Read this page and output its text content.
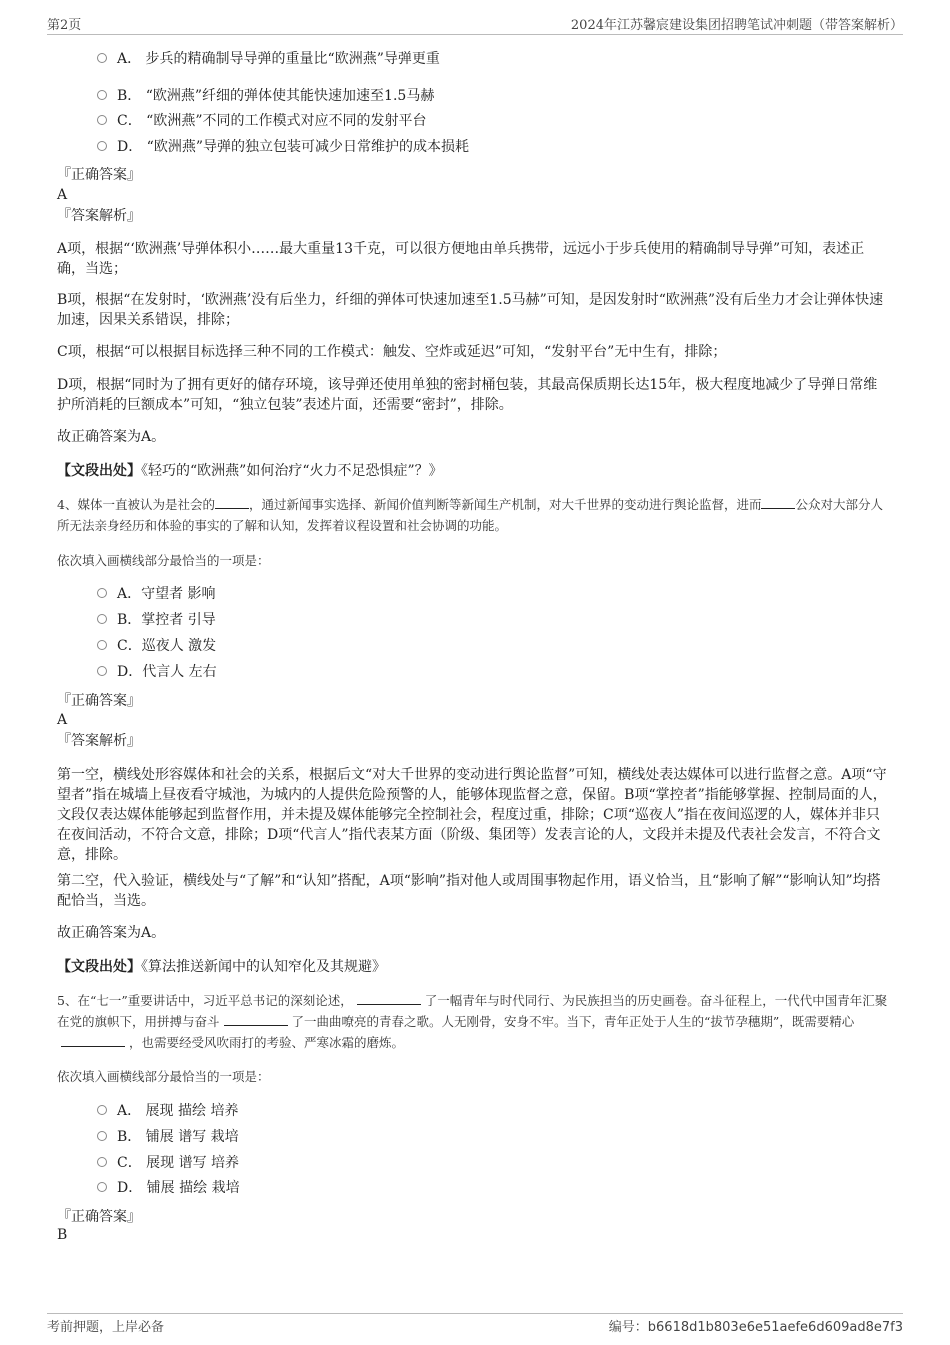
第2页	2024年江苏馨宸建设集团招聘笔试冲刺题（带答案解析）
A． 步兵的精确制导导弹的重量比“欧洲燕”导弹更重
B． “欧洲燕”纤细的弹体使其能快速加速至1.5马赫
C． “欧洲燕”不同的工作模式对应不同的发射平台
D． “欧洲燕”导弹的独立包装可减少日常维护的成本损耗
『正确答案』
A
『答案解析』
A项，根据“‘欧洲燕’导弹体积小……最大重量13千克，可以很方便地由单兵携带，远远小于步兵使用的精确制导导弹”可知，表述正确，当选；
B项，根据“在发射时，‘欧洲燕’没有后坐力，纤细的弹体可快速加速至1.5马赫”可知，是因发射时“欧洲燕”没有后坐力才会让弹体快速加速，因果关系错误，排除；
C项，根据“可以根据目标选择三种不同的工作模式：触发、空炸或延迟”可知，“发射平台”无中生有，排除；
D项，根据“同时为了拥有更好的储存环境，该导弹还使用单独的密封桶包装，其最高保质期长达15年，极大程度地减少了导弹日常维护所消耗的巨额成本”可知，“独立包装”表述片面，还需要“密封”，排除。
故正确答案为A。
【文段出处】《轻巧的“欧洲燕”如何治疗“火力不足恐惧症”？》
4、媒体一直被认为是社会的	，通过新闻事实选择、新闻价值判断等新闻生产机制，对大千世界的变动进行舆论监督，进而	公众对大部分人所无法亲身经历和体验的事实的了解和认知，发挥着议程设置和社会协调的功能。
依次填入画横线部分最恰当的一项是：
A．守望者 影响
B．掌控者 引导
C．巡夜人 激发
D．代言人 左右
『正确答案』
A
『答案解析』
第一空，横线处形容媒体和社会的关系，根据后文“对大千世界的变动进行舆论监督”可知，横线处表达媒体可以进行监督之意。A项“守望者”指在城墙上昼夜看守城池，为城内的人提供危险预警的人，能够体现监督之意，保留。B项“掌控者”指能够掌握、控制局面的人，文段仅表达媒体能够起到监督作用，并未提及媒体能够完全控制社会，程度过重，排除；C项“巡夜人”指在夜间巡逻的人，媒体并非只在夜间活动，不符合文意，排除；D项“代言人”指代表某方面（阶级、集团等）发表言论的人，文段并未提及代表社会发言，不符合文意，排除。
第二空，代入验证，横线处与“了解”和“认知”搭配，A项“影响”指对他人或周围事物起作用，语义恰当，且“影响了解”“影响认知”均搭配恰当，当选。
故正确答案为A。
【文段出处】《算法推送新闻中的认知窄化及其规避》
5、在“七一”重要讲话中，习近平总书记的深刻论述，	了一幅青年与时代同行、为民族担当的历史画卷。奋斗征程上，一代代中国青年汇聚在党的旗帜下，用拼搏与奋斗	了一曲曲嘹亮的青春之歌。人无刚骨，安身不牢。当下，青年正处于人生的“拔节孕穗期”，既需要精心，也需要经受风吹雨打的考验、严寒冰霜的磨炼。
依次填入画横线部分最恰当的一项是：
A． 展现 描绘 培养
B． 铺展 谱写 栽培
C． 展现 谱写 培养
D． 铺展 描绘 栽培
『正确答案』
B
考前押题，上岸必备	编号：b6618d1b803e6e51aefe6d609ad8e7f3
